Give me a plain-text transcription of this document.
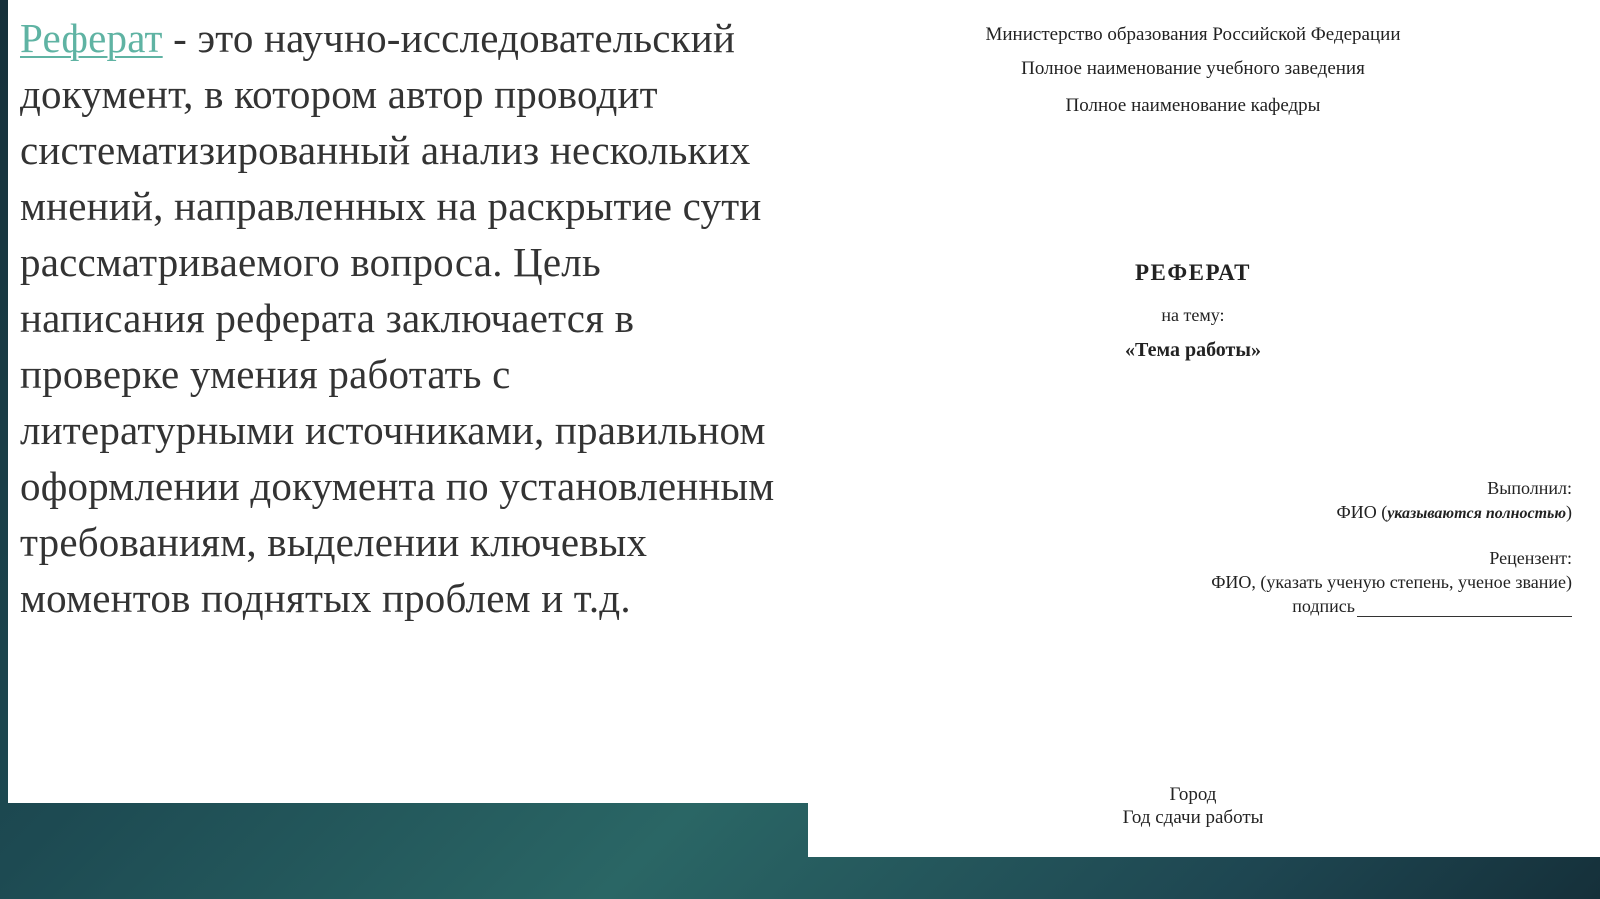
Реферат - это научно-исследовательский документ, в котором автор проводит систематизированный анализ нескольких мнений, направленных на раскрытие сути рассматриваемого вопроса. Цель написания реферата заключается в проверке умения работать с литературными источниками, правильном оформлении документа по установленным требованиям, выделении ключевых моментов поднятых проблем и т.д.

Министерство образования Российской Федерации
Полное наименование учебного заведения
Полное наименование кафедры
РЕФЕРАТ
на тему:
«Тема работы»
Выполнил:
ФИО (указываются полностью)
Рецензент:
ФИО, (указать ученую степень, ученое звание)
подпись
Город
Год сдачи работы
